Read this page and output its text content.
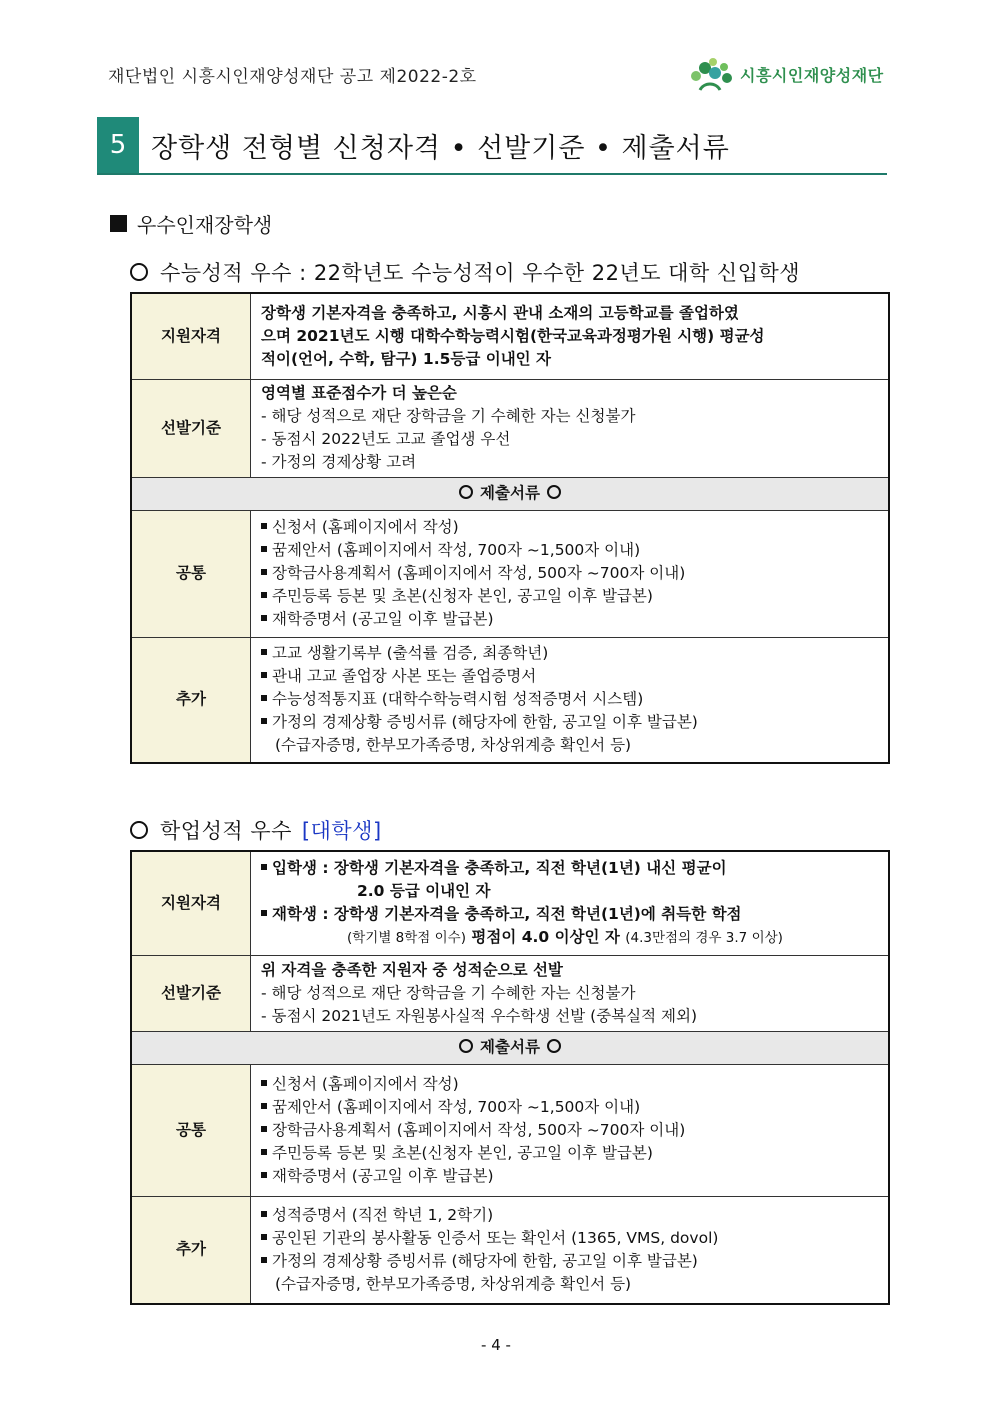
재단법인 시흥시인재양성재단 공고 제2022-2호	시흥시인재양성재단
5 장학생 전형별 신청자격 • 선발기준 • 제출서류
우수인재장학생
수능성적 우수 : 22학년도 수능성적이 우수한 22년도 대학 신입학생
지원자격	장학생 기본자격을 충족하고, 시흥시 관내 소재의 고등학교를 졸업하였
으며 2021년도 시행 대학수학능력시험(한국교육과정평가원 시행) 평균성
적이(언어, 수학, 탐구) 1.5등급 이내인 자

선발기준	영역별 표준점수가 더 높은순
- 해당 성적으로 재단 장학금을 기 수혜한 자는 신청불가
- 동점시 2022년도 고교 졸업생 우선
- 가정의 경제상황 고려

제출서류	
공통	신청서 (홈페이지에서 작성)
꿈제안서 (홈페이지에서 작성, 700자 ~1,500자 이내)
장학금사용계획서 (홈페이지에서 작성, 500자 ~700자 이내)
주민등록 등본 및 초본(신청자 본인, 공고일 이후 발급본)
재학증명서 (공고일 이후 발급본)

추가	고교 생활기록부 (출석률 검증, 최종학년)
관내 고교 졸업장 사본 또는 졸업증명서
수능성적통지표 (대학수학능력시험 성적증명서 시스템)
가정의 경제상황 증빙서류 (해당자에 한함, 공고일 이후 발급본)
(수급자증명, 한부모가족증명, 차상위계층 확인서 등)
학업성적 우수 [대학생]
지원자격	입학생 : 장학생 기본자격을 충족하고, 직전 학년(1년) 내신 평균이
2.0 등급 이내인 자
재학생 : 장학생 기본자격을 충족하고, 직전 학년(1년)에 취득한 학점
(학기별 8학점 이수) 평점이 4.0 이상인 자 (4.3만점의 경우 3.7 이상)

선발기준	위 자격을 충족한 지원자 중 성적순으로 선발
- 해당 성적으로 재단 장학금을 기 수혜한 자는 신청불가
- 동점시 2021년도 자원봉사실적 우수학생 선발 (중복실적 제외)

제출서류	
공통	신청서 (홈페이지에서 작성)
꿈제안서 (홈페이지에서 작성, 700자 ~1,500자 이내)
장학금사용계획서 (홈페이지에서 작성, 500자 ~700자 이내)
주민등록 등본 및 초본(신청자 본인, 공고일 이후 발급본)
재학증명서 (공고일 이후 발급본)

추가	성적증명서 (직전 학년 1, 2학기)
공인된 기관의 봉사활동 인증서 또는 확인서 (1365, VMS, dovol)
가정의 경제상황 증빙서류 (해당자에 한함, 공고일 이후 발급본)
(수급자증명, 한부모가족증명, 차상위계층 확인서 등)
- 4 -
